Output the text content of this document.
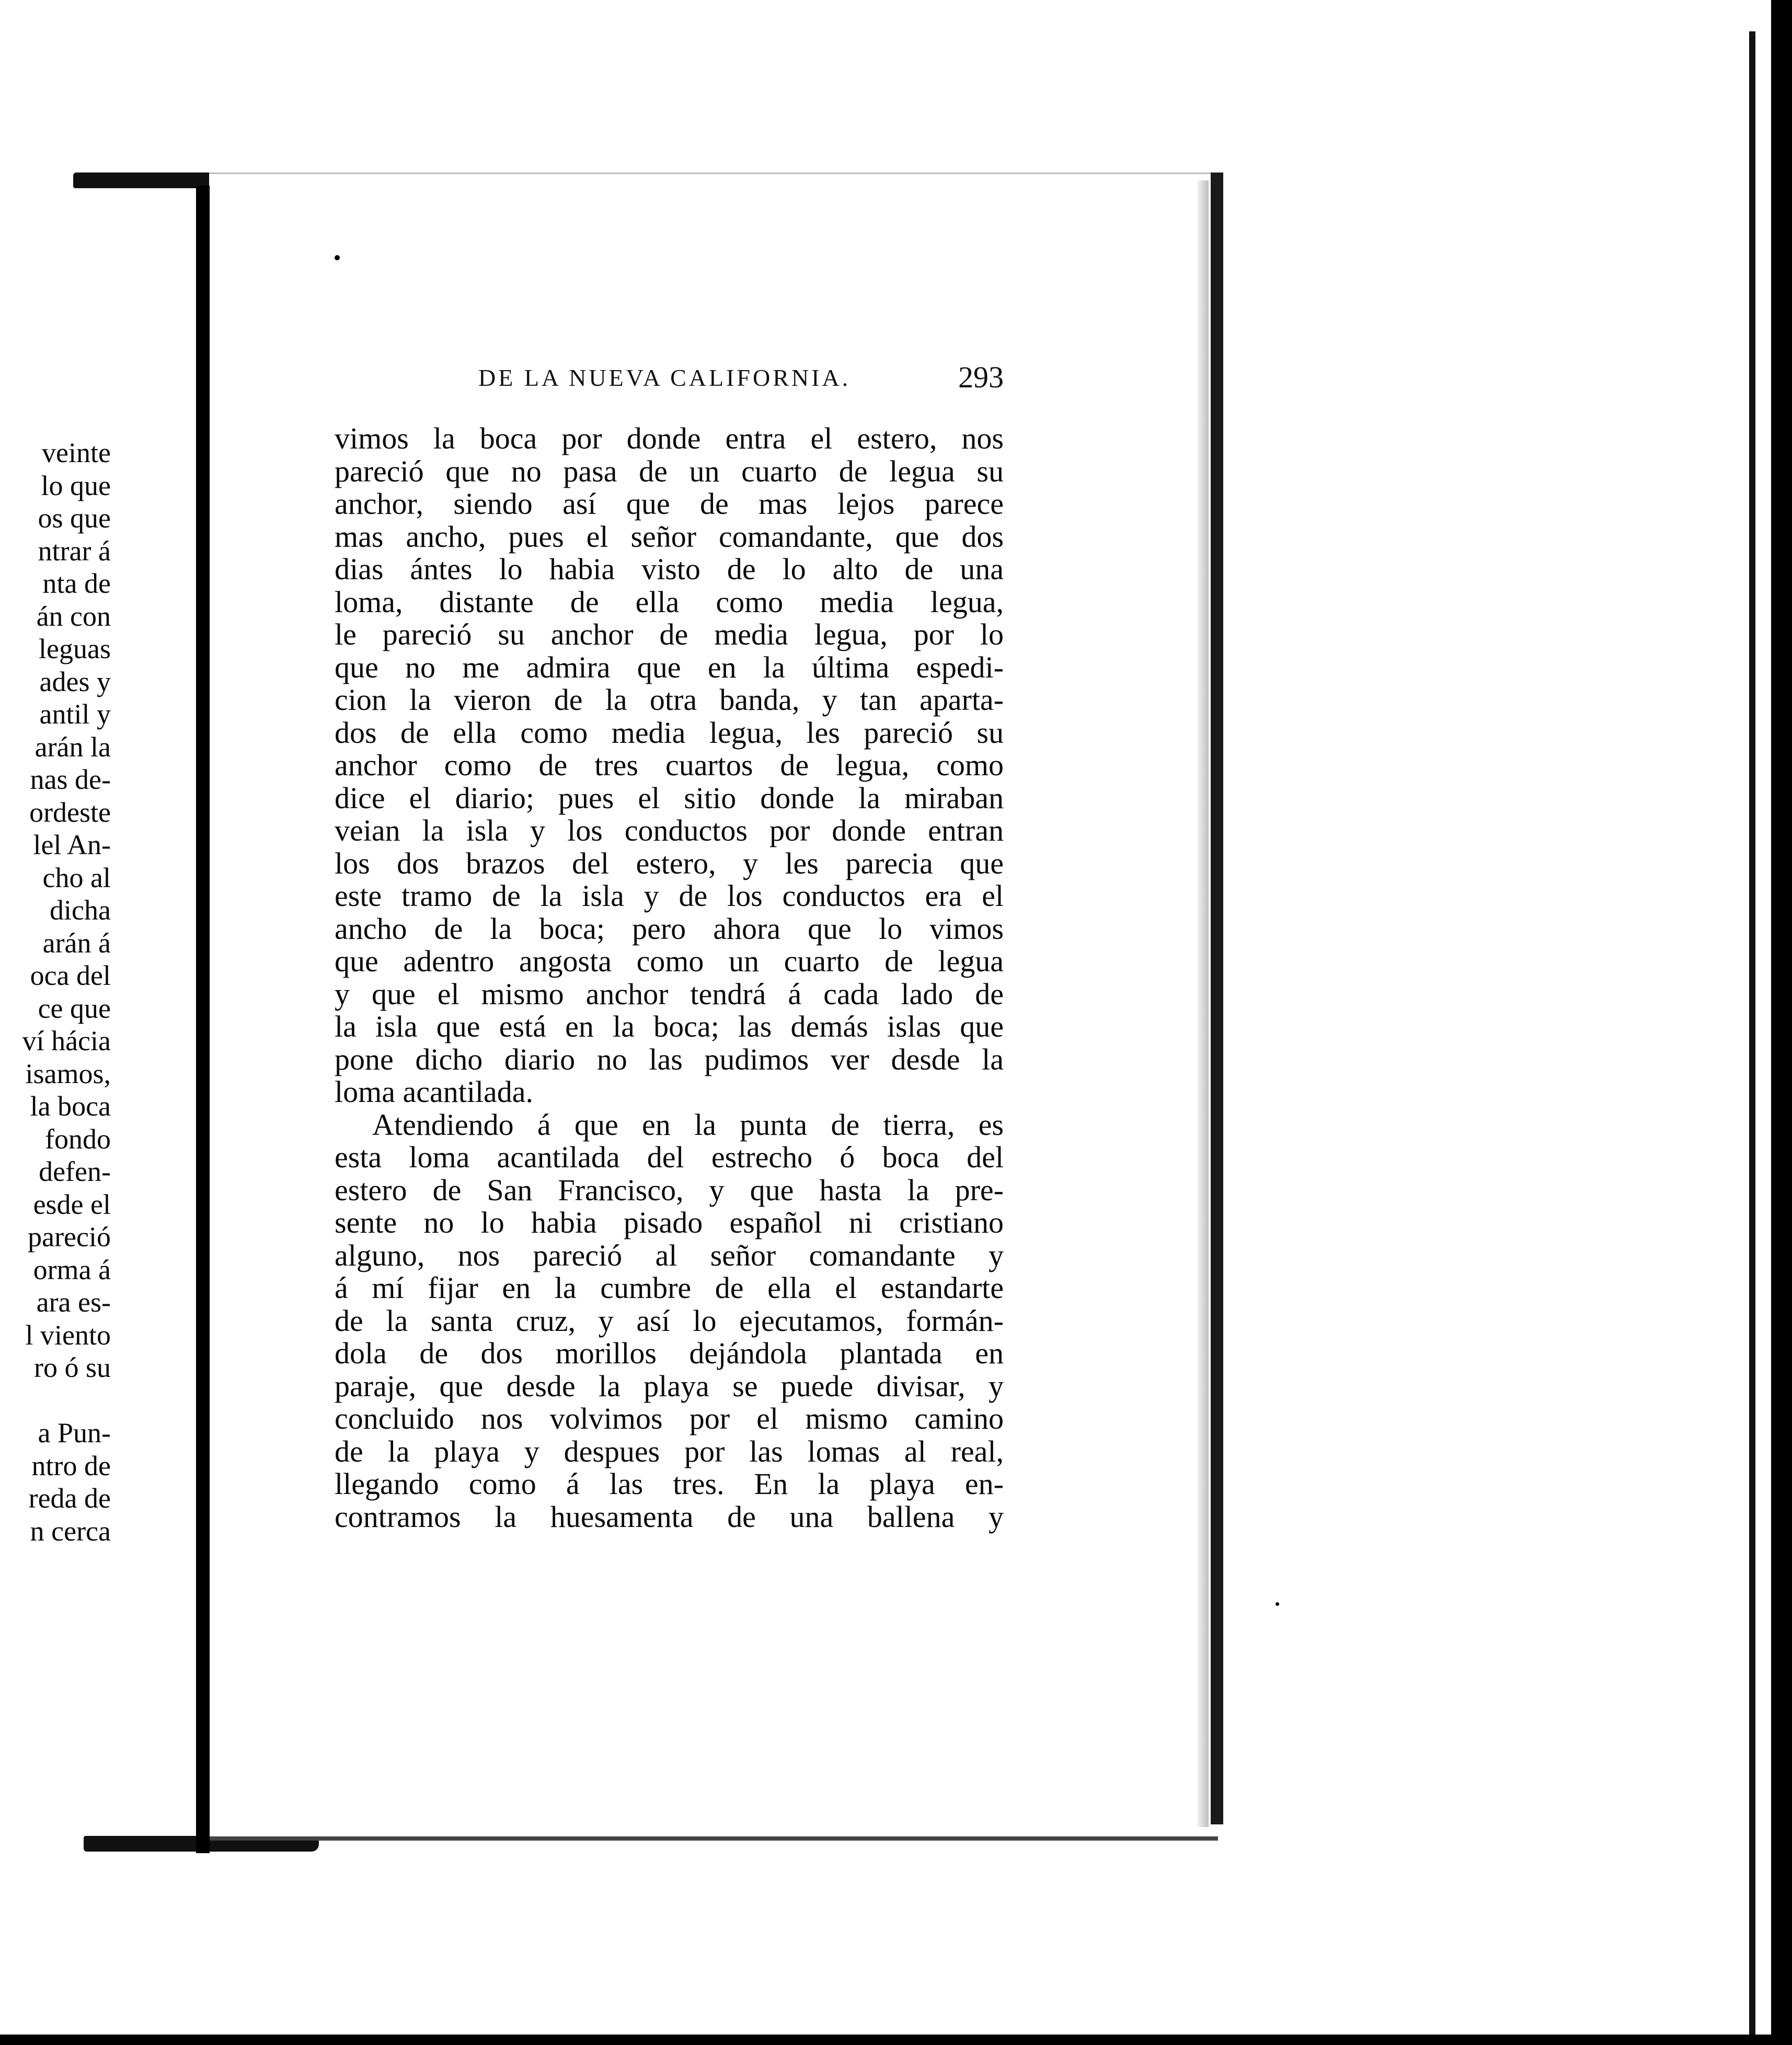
veinte
lo que
os que
ntrar á
nta de
án con
leguas
ades y
antil y
arán la
nas de-
ordeste
lel An-
cho al
dicha
arán á
oca del
ce que
ví hácia
isamos,
la boca
fondo
defen-
esde el
pareció
orma á
ara es-
l viento
ro ó su
a Pun-
ntro de
reda de
n cerca
DE LA NUEVA CALIFORNIA.	293
vimos la boca por donde entra el estero, nos
pareció que no pasa de un cuarto de legua su
anchor, siendo así que de mas lejos parece
mas ancho, pues el señor comandante, que dos
dias ántes lo habia visto de lo alto de una
loma, distante de ella como media legua,
le pareció su anchor de media legua, por lo
que no me admira que en la última espedi-
cion la vieron de la otra banda, y tan aparta-
dos de ella como media legua, les pareció su
anchor como de tres cuartos de legua, como
dice el diario; pues el sitio donde la miraban
veian la isla y los conductos por donde entran
los dos brazos del estero, y les parecia que
este tramo de la isla y de los conductos era el
ancho de la boca; pero ahora que lo vimos
que adentro angosta como un cuarto de legua
y que el mismo anchor tendrá á cada lado de
la isla que está en la boca; las demás islas que
pone dicho diario no las pudimos ver desde la
loma acantilada.
Atendiendo á que en la punta de tierra, es
esta loma acantilada del estrecho ó boca del
estero de San Francisco, y que hasta la pre-
sente no lo habia pisado español ni cristiano
alguno, nos pareció al señor comandante y
á mí fijar en la cumbre de ella el estandarte
de la santa cruz, y así lo ejecutamos, formán-
dola de dos morillos dejándola plantada en
paraje, que desde la playa se puede divisar, y
concluido nos volvimos por el mismo camino
de la playa y despues por las lomas al real,
llegando como á las tres. En la playa en-
contramos la huesamenta de una ballena y
